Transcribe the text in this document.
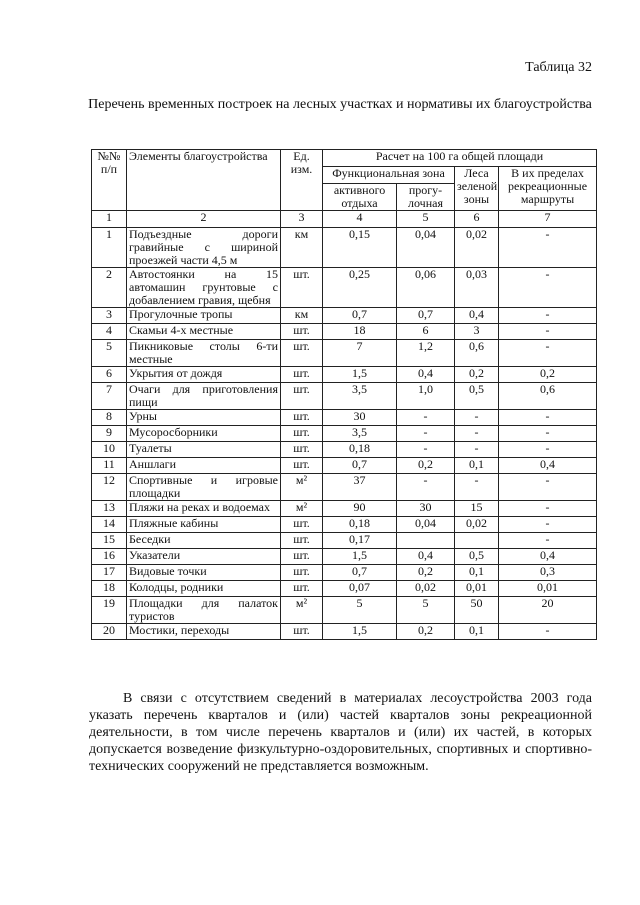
Таблица 32
Перечень временных построек на лесных участках и нормативы их благоустройства
№№ п/п	Элементы благоустройства	Ед. изм.	Расчет на 100 га общей площади			
			Функциональная зона		Леса зеленой зоны	В их пределах рекреационные маршруты
			активного отдыха	прогу- лочная		
1	2	3	4	5	6	7
1	Подъездные дороги гравийные с шириной проезжей части 4,5 м	км	0,15	0,04	0,02	-
2	Автостоянки на 15 автомашин грунтовые с добавлением гравия, щебня	шт.	0,25	0,06	0,03	-
3	Прогулочные тропы	км	0,7	0,7	0,4	-
4	Скамьи 4-х местные	шт.	18	6	3	-
5	Пикниковые столы 6-ти местные	шт.	7	1,2	0,6	-
6	Укрытия от дождя	шт.	1,5	0,4	0,2	0,2
7	Очаги для приготовления пищи	шт.	3,5	1,0	0,5	0,6
8	Урны	шт.	30	-	-	-
9	Мусоросборники	шт.	3,5	-	-	-
10	Туалеты	шт.	0,18	-	-	-
11	Аншлаги	шт.	0,7	0,2	0,1	0,4
12	Спортивные и игровые площадки	м²	37	-	-	-
13	Пляжи на реках и водоемах	м²	90	30	15	-
14	Пляжные кабины	шт.	0,18	0,04	0,02	-
15	Беседки	шт.	0,17			-
16	Указатели	шт.	1,5	0,4	0,5	0,4
17	Видовые точки	шт.	0,7	0,2	0,1	0,3
18	Колодцы, родники	шт.	0,07	0,02	0,01	0,01
19	Площадки для палаток туристов	м²	5	5	50	20
20	Мостики, переходы	шт.	1,5	0,2	0,1	-
В связи с отсутствием сведений в материалах лесоустройства 2003 года указать перечень кварталов и (или) частей кварталов зоны рекреационной деятельности, в том числе перечень кварталов и (или) их частей, в которых допускается возведение физкультурно-оздоровительных, спортивных и спортивно-технических сооружений не представляется возможным.
